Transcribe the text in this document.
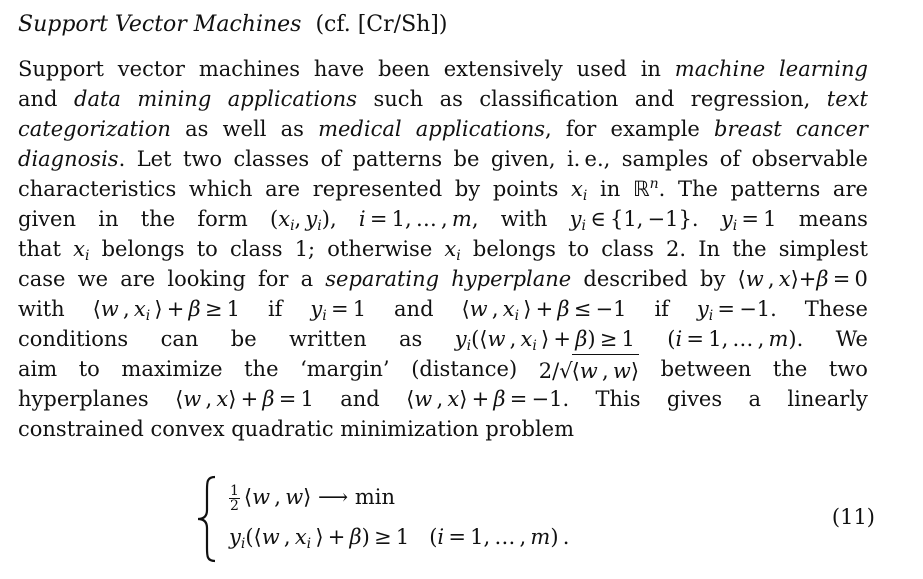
Support Vector Machines (cf. [Cr/Sh])
Support vector machines have been extensively used in machine learning
and data mining applications such as classification and regression, text
categorization as well as medical applications, for example breast cancer
diagnosis. Let two classes of patterns be given, i. e., samples of observable
characteristics which are represented by points $x_i$ in ℝ$^n$. The patterns are
given in the form ($x_i$, $y_i$), i = 1, … , m, with $y_i$ ∈ {1, −1}. $y_i = 1$ means
that $x_i$ belongs to class 1; otherwise $x_i$ belongs to class 2. In the simplest
case we are looking for a separating hyperplane described by ⟨w , x⟩+β = 0
with ⟨w , $x_i$ ⟩ + β ≥ 1 if $y_i = 1$ and ⟨w , $x_i$ ⟩ + β ≤ −1 if $y_i = -1$. These
conditions can be written as $y_i(⟨w$ , $x_i$ ⟩ + β) ≥ 1 (i = 1, … , m). We
aim to maximize the ‘margin’ (distance) 2/√⟨w , w⟩ between the two
hyperplanes ⟨w , x⟩ + β = 1 and ⟨w , x⟩ + β = −1. This gives a linearly
constrained convex quadratic minimization problem
$\frac{1}{2}$ ⟨w , w⟩ ⟶ min
$y_i(⟨w$ , $x_i$ ⟩ + β) ≥ 1   (i = 1, … , m) .
(11)
